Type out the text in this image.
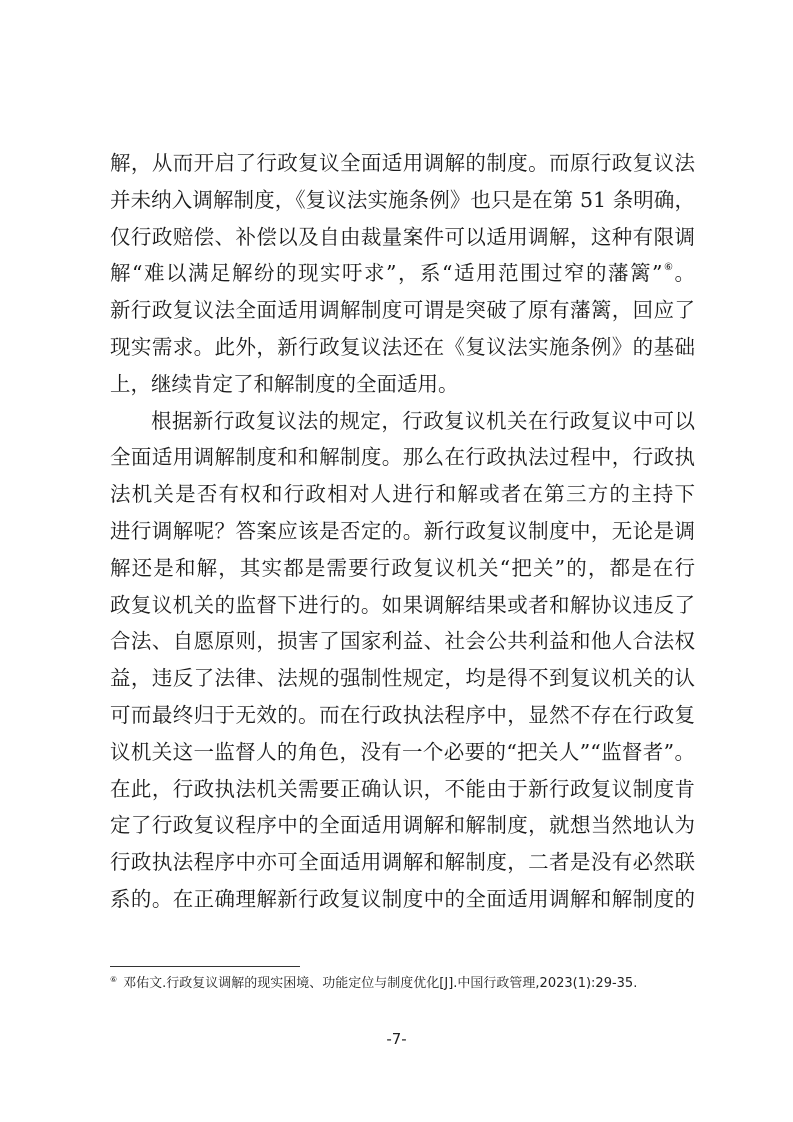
解，从而开启了行政复议全面适用调解的制度。而原行政复议法
并未纳入调解制度，《复议法实施条例》也只是在第 51 条明确，
仅行政赔偿、补偿以及自由裁量案件可以适用调解，这种有限调
解“难以满足解纷的现实吁求”，系“适用范围过窄的藩篱”⑥。
新行政复议法全面适用调解制度可谓是突破了原有藩篱，回应了
现实需求。此外，新行政复议法还在《复议法实施条例》的基础
上，继续肯定了和解制度的全面适用。
根据新行政复议法的规定，行政复议机关在行政复议中可以
全面适用调解制度和和解制度。那么在行政执法过程中，行政执
法机关是否有权和行政相对人进行和解或者在第三方的主持下
进行调解呢？答案应该是否定的。新行政复议制度中，无论是调
解还是和解，其实都是需要行政复议机关“把关”的，都是在行
政复议机关的监督下进行的。如果调解结果或者和解协议违反了
合法、自愿原则，损害了国家利益、社会公共利益和他人合法权
益，违反了法律、法规的强制性规定，均是得不到复议机关的认
可而最终归于无效的。而在行政执法程序中，显然不存在行政复
议机关这一监督人的角色，没有一个必要的“把关人”“监督者”。
在此，行政执法机关需要正确认识，不能由于新行政复议制度肯
定了行政复议程序中的全面适用调解和解制度，就想当然地认为
行政执法程序中亦可全面适用调解和解制度，二者是没有必然联
系的。在正确理解新行政复议制度中的全面适用调解和解制度的
⑥ 邓佑文.行政复议调解的现实困境、功能定位与制度优化[J].中国行政管理,2023(1):29-35.
-7-
